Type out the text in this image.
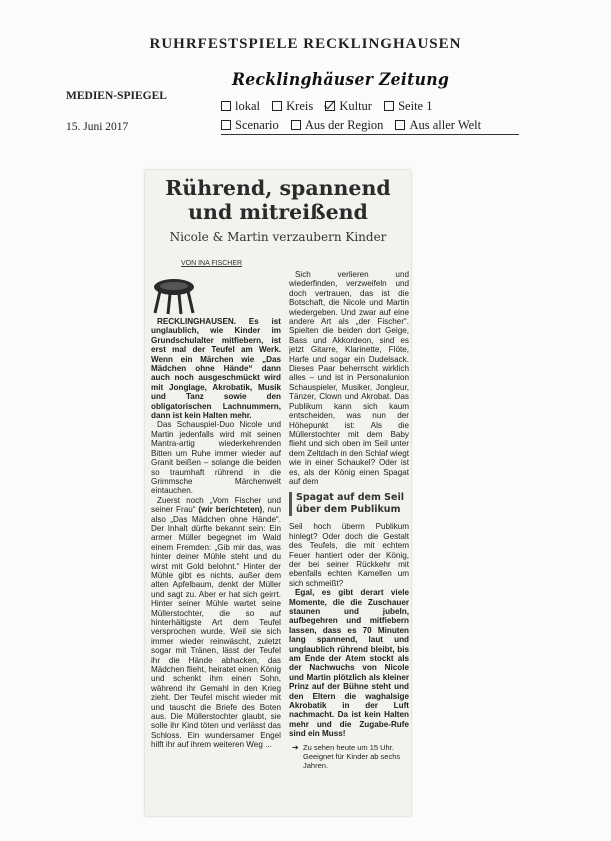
RUHRFESTSPIELE RECKLINGHAUSEN
MEDIEN-SPIEGEL
15. Juni 2017
Recklinghäuser Zeitung
lokal Kreis Kultur Seite 1
Scenario Aus der Region Aus aller Welt
Rührend, spannend
und mitreißend
Nicole & Martin verzaubern Kinder
VON INA FISCHER

RECKLINGHAUSEN. Es ist unglaublich, wie Kinder im Grundschulalter mitfiebern, ist erst mal der Teufel am Werk. Wenn ein Märchen wie „Das Mädchen ohne Hände“ dann auch noch ausgeschmückt wird mit Jonglage, Akrobatik, Musik und Tanz sowie den obligatorischen Lachnummern, dann ist kein Halten mehr.

Das Schauspiel-Duo Nicole und Martin jedenfalls wird mit seinen Mantra-artig wiederkehrenden Bitten um Ruhe immer wieder auf Granit beißen – solange die beiden so traumhaft rührend in die Grimmsche Märchenwelt eintauchen.

Zuerst noch „Vom Fischer und seiner Frau“ (wir berichteten), nun also „Das Mädchen ohne Hände“. Der Inhalt dürfte bekannt sein: Ein armer Müller begegnet im Wald einem Fremden: „Gib mir das, was hinter deiner Mühle steht und du wirst mit Gold belohnt.“ Hinter der Mühle gibt es nichts, außer dem alten Apfelbaum, denkt der Müller und sagt zu. Aber er hat sich geirrt. Hinter seiner Mühle wartet seine Müllerstochter, die so auf hinterhältigste Art dem Teufel versprochen wurde. Weil sie sich immer wieder reinwäscht, zuletzt sogar mit Tränen, lässt der Teufel ihr die Hände abhacken, das Mädchen flieht, heiratet einen König und schenkt ihm einen Sohn, während ihr Gemahl in den Krieg zieht. Der Teufel mischt wieder mit und tauscht die Briefe des Boten aus. Die Müllerstochter glaubt, sie solle ihr Kind töten und verlässt das Schloss. Ein wundersamer Engel hilft ihr auf ihrem weiteren Weg ...

Sich verlieren und wiederfinden, verzweifeln und doch vertrauen, das ist die Botschaft, die Nicole und Martin wiedergeben. Und zwar auf eine andere Art als „der Fischer“. Spielten die beiden dort Geige, Bass und Akkordeon, sind es jetzt Gitarre, Klarinette, Flöte, Harfe und sogar ein Dudelsack. Dieses Paar beherrscht wirklich alles – und ist in Personalunion Schauspieler, Musiker, Jongleur, Tänzer, Clown und Akrobat. Das Publikum kann sich kaum entscheiden, was nun der Höhepunkt ist: Als die Müllerstochter mit dem Baby flieht und sich oben im Seil unter dem Zeltdach in den Schlaf wiegt wie in einer Schaukel? Oder ist es, als der König einen Spagat auf dem

Spagat auf dem Seil über dem Publikum

Seil hoch überm Publikum hinlegt? Oder doch die Gestalt des Teufels, die mit echtem Feuer hantiert oder der König, der bei seiner Rückkehr mit ebenfalls echten Kamellen um sich schmeißt?

Egal, es gibt derart viele Momente, die die Zuschauer staunen und jubeln, aufbegehren und mitfiebern lassen, dass es 70 Minuten lang spannend, laut und unglaublich rührend bleibt, bis am Ende der Atem stockt als der Nachwuchs von Nicole und Martin plötzlich als kleiner Prinz auf der Bühne steht und den Eltern die waghalsige Akrobatik in der Luft nachmacht. Da ist kein Halten mehr und die Zugabe-Rufe sind ein Muss!

➔ Zu sehen heute um 15 Uhr. Geeignet für Kinder ab sechs Jahren.
